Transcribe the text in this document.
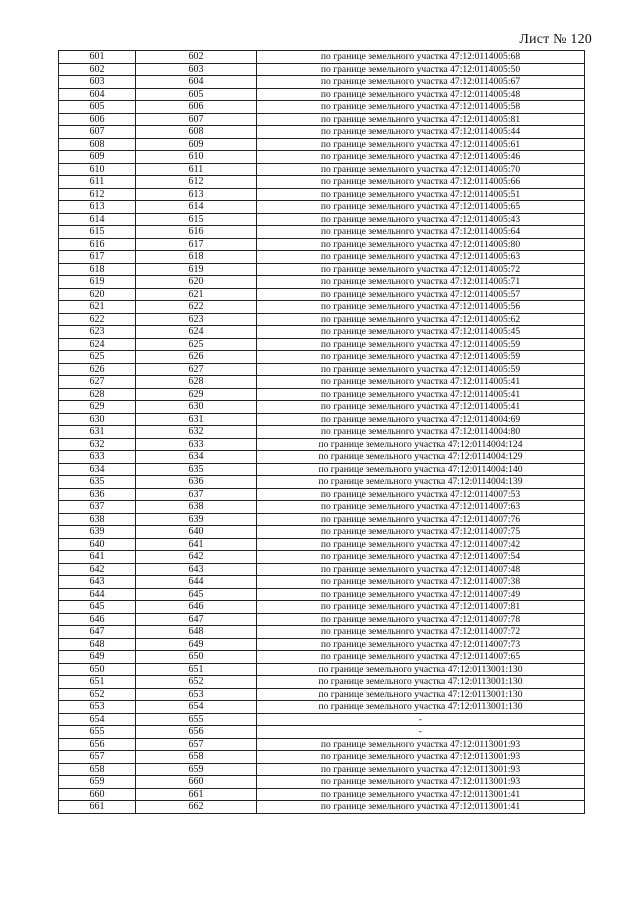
Лист № 120
601	602	по границе земельного участка 47:12:0114005:68
602	603	по границе земельного участка 47:12:0114005:50
603	604	по границе земельного участка 47:12:0114005:67
604	605	по границе земельного участка 47:12:0114005:48
605	606	по границе земельного участка 47:12:0114005:58
606	607	по границе земельного участка 47:12:0114005:81
607	608	по границе земельного участка 47:12:0114005:44
608	609	по границе земельного участка 47:12:0114005:61
609	610	по границе земельного участка 47:12:0114005:46
610	611	по границе земельного участка 47:12:0114005:70
611	612	по границе земельного участка 47:12:0114005:66
612	613	по границе земельного участка 47:12:0114005:51
613	614	по границе земельного участка 47:12:0114005:65
614	615	по границе земельного участка 47:12:0114005:43
615	616	по границе земельного участка 47:12:0114005:64
616	617	по границе земельного участка 47:12:0114005:80
617	618	по границе земельного участка 47:12:0114005:63
618	619	по границе земельного участка 47:12:0114005:72
619	620	по границе земельного участка 47:12:0114005:71
620	621	по границе земельного участка 47:12:0114005:57
621	622	по границе земельного участка 47:12:0114005:56
622	623	по границе земельного участка 47:12:0114005:62
623	624	по границе земельного участка 47:12:0114005:45
624	625	по границе земельного участка 47:12:0114005:59
625	626	по границе земельного участка 47:12:0114005:59
626	627	по границе земельного участка 47:12:0114005:59
627	628	по границе земельного участка 47:12:0114005:41
628	629	по границе земельного участка 47:12:0114005:41
629	630	по границе земельного участка 47:12:0114005:41
630	631	по границе земельного участка 47:12:0114004:69
631	632	по границе земельного участка 47:12:0114004:80
632	633	по границе земельного участка 47:12:0114004:124
633	634	по границе земельного участка 47:12:0114004:129
634	635	по границе земельного участка 47:12:0114004:140
635	636	по границе земельного участка 47:12:0114004:139
636	637	по границе земельного участка 47:12:0114007:53
637	638	по границе земельного участка 47:12:0114007:63
638	639	по границе земельного участка 47:12:0114007:76
639	640	по границе земельного участка 47:12:0114007:75
640	641	по границе земельного участка 47:12:0114007:42
641	642	по границе земельного участка 47:12:0114007:54
642	643	по границе земельного участка 47:12:0114007:48
643	644	по границе земельного участка 47:12:0114007:38
644	645	по границе земельного участка 47:12:0114007:49
645	646	по границе земельного участка 47:12:0114007:81
646	647	по границе земельного участка 47:12:0114007:78
647	648	по границе земельного участка 47:12:0114007:72
648	649	по границе земельного участка 47:12:0114007:73
649	650	по границе земельного участка 47:12:0114007:65
650	651	по границе земельного участка 47:12:0113001:130
651	652	по границе земельного участка 47:12:0113001:130
652	653	по границе земельного участка 47:12:0113001:130
653	654	по границе земельного участка 47:12:0113001:130
654	655	-
655	656	-
656	657	по границе земельного участка 47:12:0113001:93
657	658	по границе земельного участка 47:12:0113001:93
658	659	по границе земельного участка 47:12:0113001:93
659	660	по границе земельного участка 47:12:0113001:93
660	661	по границе земельного участка 47:12:0113001:41
661	662	по границе земельного участка 47:12:0113001:41
